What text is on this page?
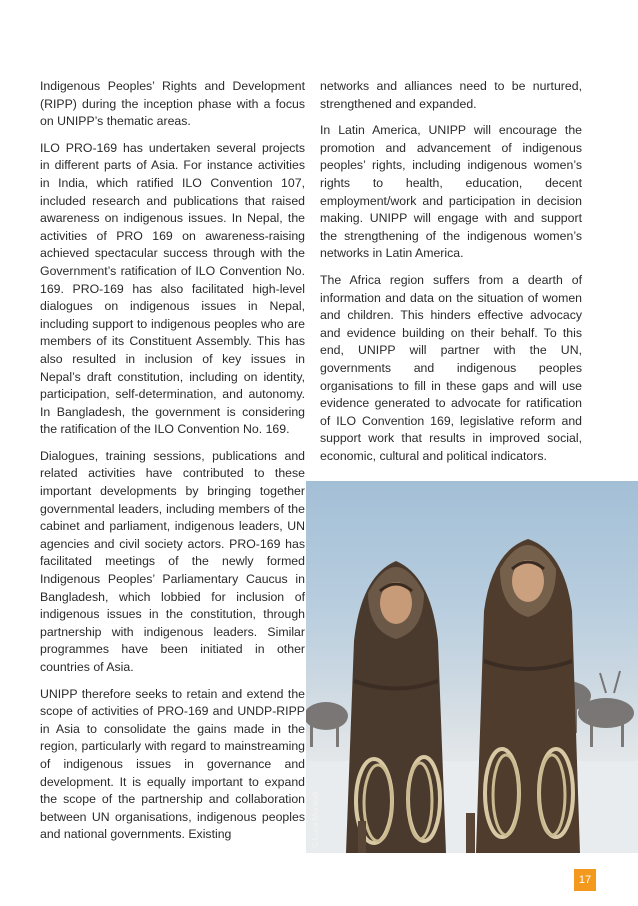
Indigenous Peoples’ Rights and Development (RIPP) during the inception phase with a focus on UNIPP’s thematic areas.

ILO PRO-169 has undertaken several projects in different parts of Asia. For instance activities in India, which ratified ILO Convention 107, included research and publications that raised awareness on indigenous issues. In Nepal, the activities of PRO 169 on awareness-raising achieved spectacular success through with the Government’s ratification of ILO Convention No. 169. PRO-169 has also facilitated high-level dialogues on indigenous issues in Nepal, including support to indigenous peoples who are members of its Constituent Assembly. This has also resulted in inclusion of key issues in Nepal’s draft constitution, including on identity, participation, self-determination, and autonomy. In Bangladesh, the government is considering the ratification of the ILO Convention No. 169.

Dialogues, training sessions, publications and related activities have contributed to these important developments by bringing together governmental leaders, including members of the cabinet and parliament, indigenous leaders, UN agencies and civil society actors. PRO-169 has facilitated meetings of the newly formed Indigenous Peoples’ Parliamentary Caucus in Bangladesh, which lobbied for inclusion of indigenous issues in the constitution, through partnership with indigenous leaders. Similar programmes have been initiated in other countries of Asia.

UNIPP therefore seeks to retain and extend the scope of activities of PRO-169 and UNDP-RIPP in Asia to consolidate the gains made in the region, particularly with regard to mainstreaming of indigenous issues in governance and development. It is equally important to expand the scope of the partnership and collaboration between UN organisations, indigenous peoples and national governments. Existing

networks and alliances need to be nurtured, strengthened and expanded.

In Latin America, UNIPP will encourage the promotion and advancement of indigenous peoples’ rights, including indigenous women’s rights to health, education, decent employment/work and participation in decision making. UNIPP will engage with and support the strengthening of the indigenous women’s networks in Latin America.

The Africa region suffers from a dearth of information and data on the situation of women and children. This hinders effective advocacy and evidence building on their behalf. To this end, UNIPP will partner with the UN, governments and indigenous peoples organisations to fill in these gaps and will use evidence generated to advocate for ratification of ILO Convention 169, legislative reform and support work that results in improved social, economic, cultural and political indicators.

© Luca Morandi
17
